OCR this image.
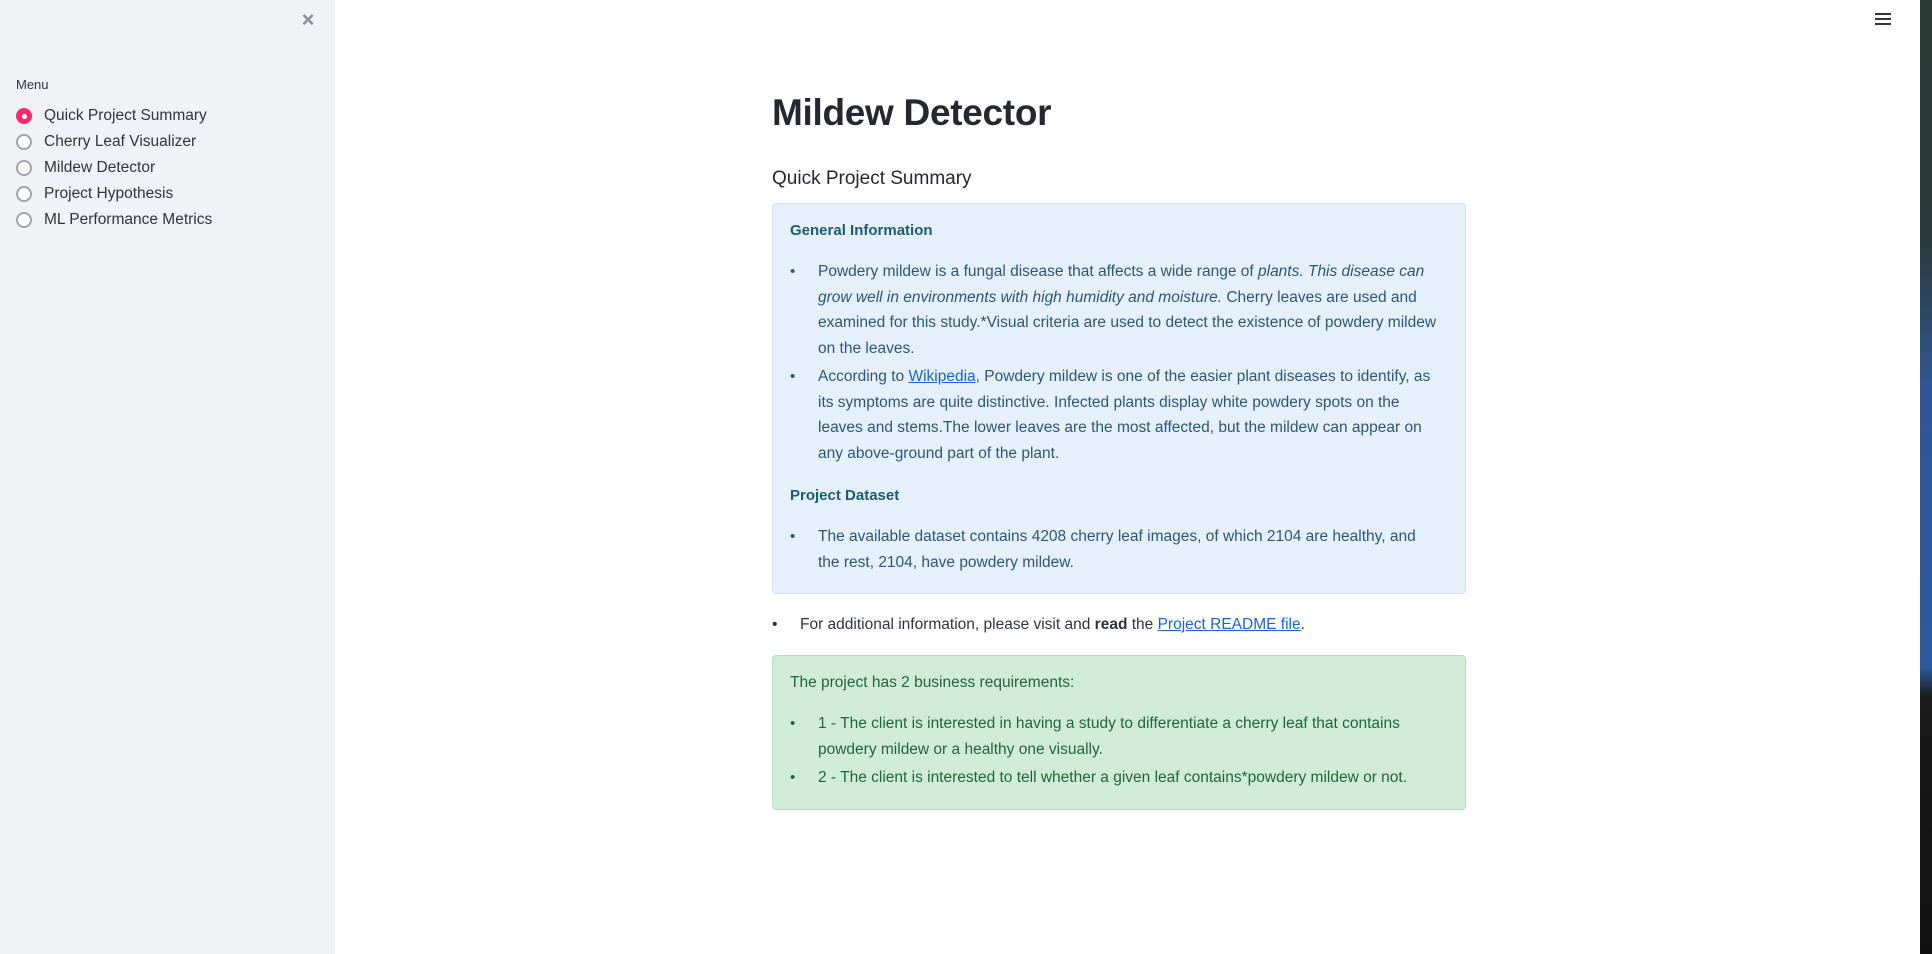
×
Menu
Quick Project Summary
Cherry Leaf Visualizer
Mildew Detector
Project Hypothesis
ML Performance Metrics
Mildew Detector
Quick Project Summary
General Information
• Powdery mildew is a fungal disease that affects a wide range of plants. This disease can grow well in environments with high humidity and moisture. Cherry leaves are used and examined for this study.*Visual criteria are used to detect the existence of powdery mildew on the leaves.
• According to Wikipedia, Powdery mildew is one of the easier plant diseases to identify, as its symptoms are quite distinctive. Infected plants display white powdery spots on the leaves and stems.The lower leaves are the most affected, but the mildew can appear on any above-ground part of the plant.
Project Dataset
• The available dataset contains 4208 cherry leaf images, of which 2104 are healthy, and the rest, 2104, have powdery mildew.
• For additional information, please visit and read the Project README file.
The project has 2 business requirements:
• 1 - The client is interested in having a study to differentiate a cherry leaf that contains powdery mildew or a healthy one visually.
• 2 - The client is interested to tell whether a given leaf contains*powdery mildew or not.
